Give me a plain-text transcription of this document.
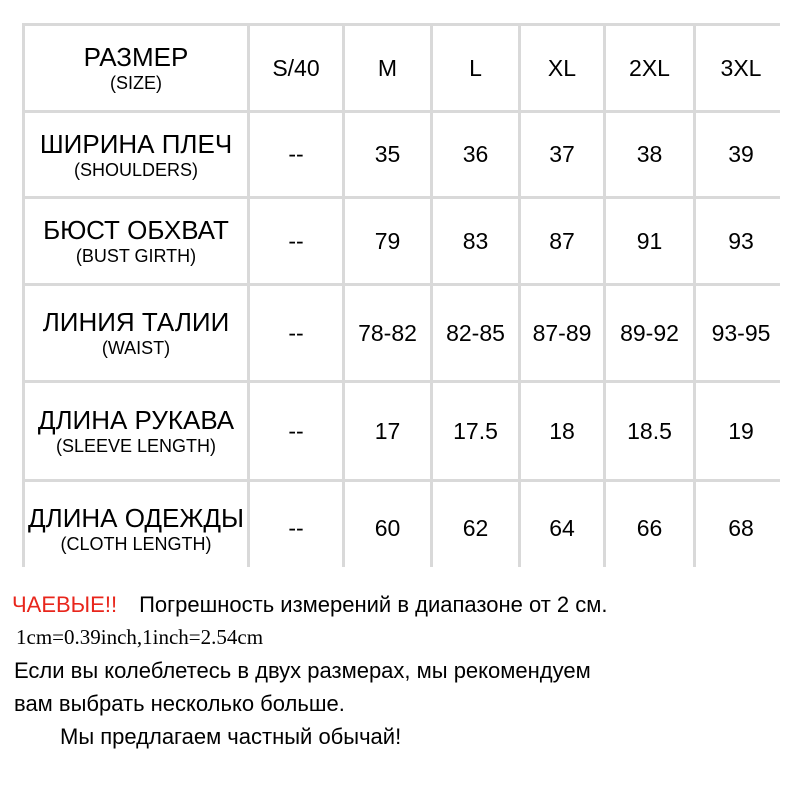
РАЗМЕР
(SIZE)	S/40	M	L	XL	2XL	3XL

ШИРИНА ПЛЕЧ
(SHOULDERS)	--	35	36	37	38	39

БЮСТ ОБХВАТ
(BUST GIRTH)	--	79	83	87	91	93

ЛИНИЯ ТАЛИИ
(WAIST)	--	78-82	82-85	87-89	89-92	93-95

ДЛИНА РУКАВА
(SLEEVE LENGTH)	--	17	17.5	18	18.5	19

ДЛИНА ОДЕЖДЫ
(CLOTH LENGTH)	--	60	62	64	66	68
ЧАЕВЫЕ!! Погрешность измерений в диапазоне от 2 см.
1cm=0.39inch,1inch=2.54cm
Если вы колеблетесь в двух размерах, мы рекомендуем
вам выбрать несколько больше.
Мы предлагаем частный обычай!
